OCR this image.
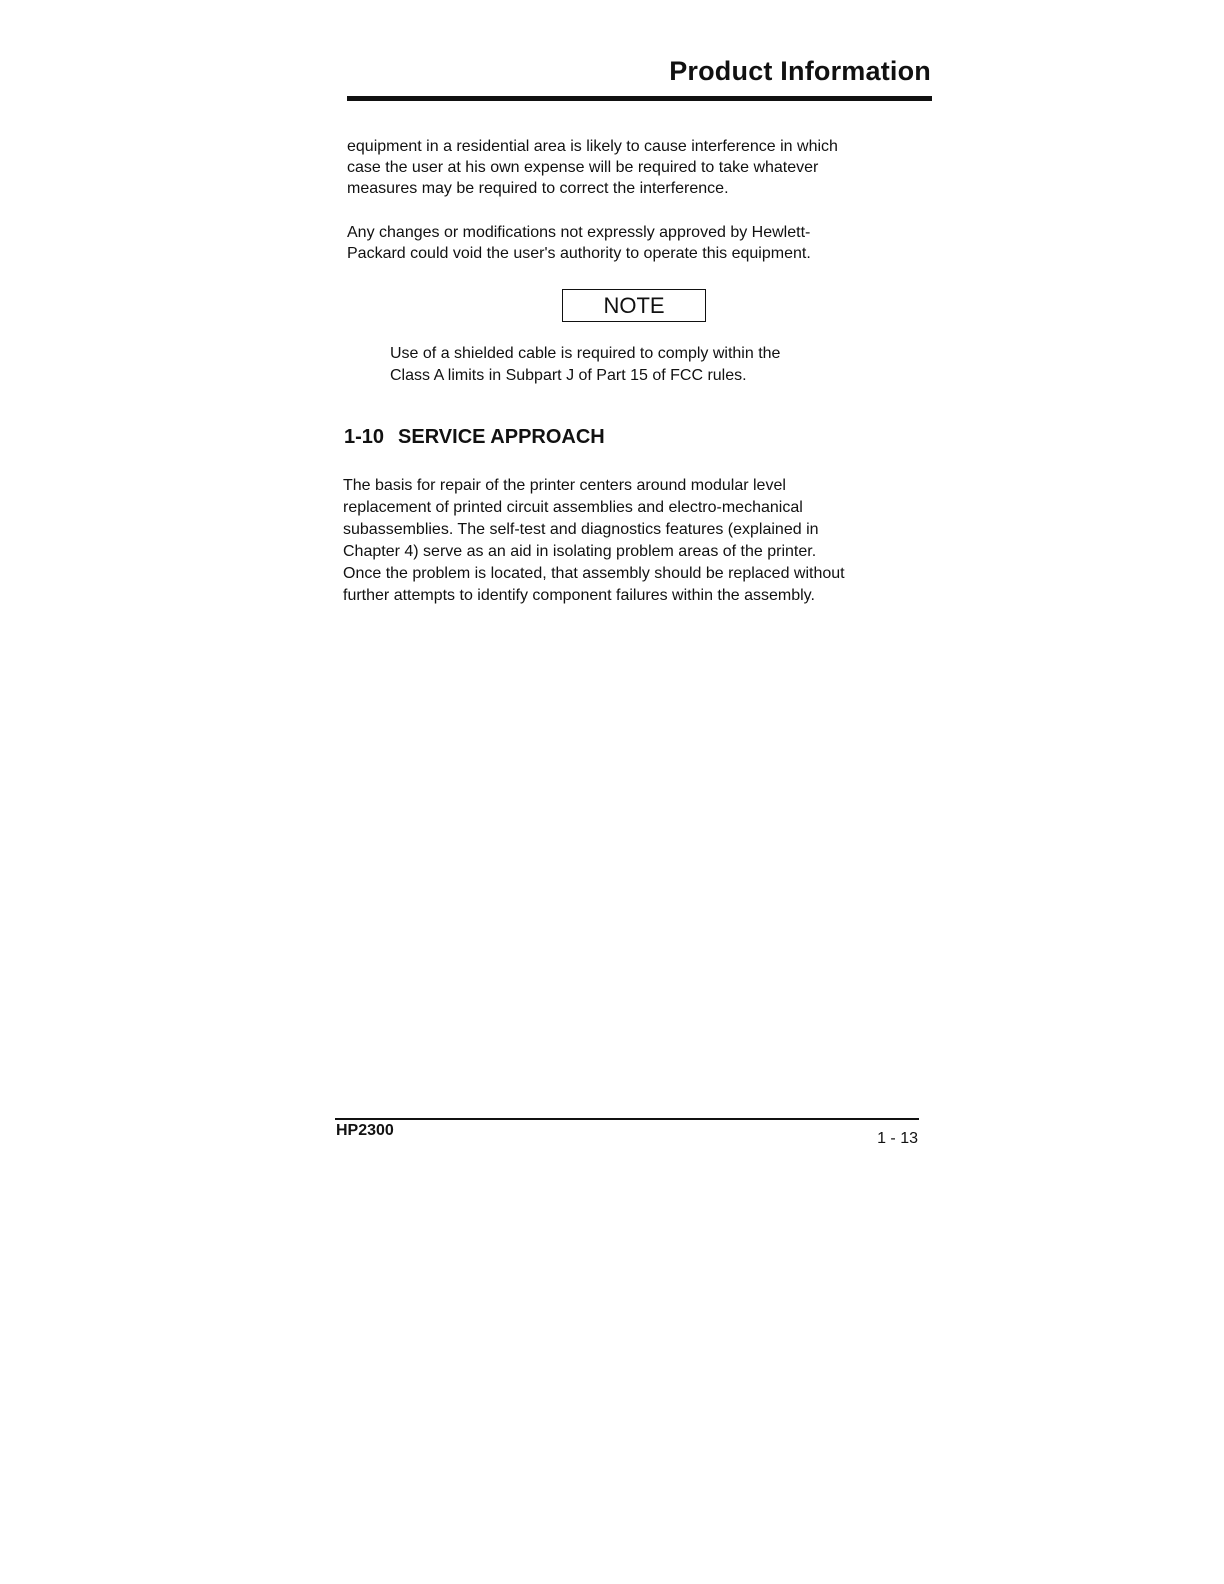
Product Information

equipment in a residential area is likely to cause interference in which
case the user at his own expense will be required to take whatever
measures may be required to correct the interference.

Any changes or modifications not expressly approved by Hewlett-
Packard could void the user's authority to operate this equipment.

NOTE

Use of a shielded cable is required to comply within the
Class A limits in Subpart J of Part 15 of FCC rules.

1-10 SERVICE APPROACH

The basis for repair of the printer centers around modular level
replacement of printed circuit assemblies and electro-mechanical
subassemblies. The self-test and diagnostics features (explained in
Chapter 4) serve as an aid in isolating problem areas of the printer.
Once the problem is located, that assembly should be replaced without
further attempts to identify component failures within the assembly.

HP2300	1 - 13
